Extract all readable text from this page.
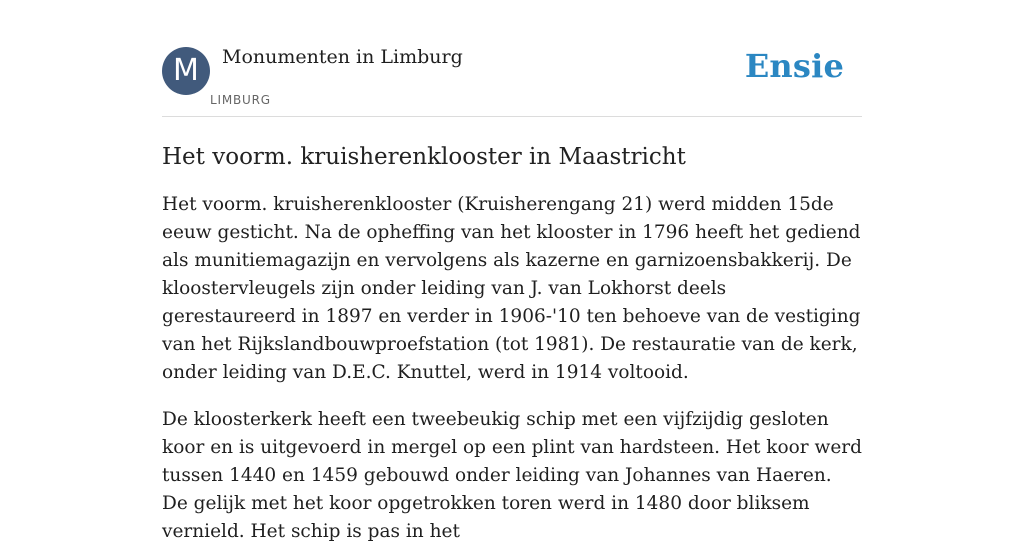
M Monumenten in Limburg
LIMBURG
Ensie
Het voorm. kruisherenklooster in Maastricht

Het voorm. kruisherenklooster (Kruisherengang 21) werd midden 15de eeuw gesticht. Na de opheffing van het klooster in 1796 heeft het gediend als munitiemagazijn en vervolgens als kazerne en garnizoensbakkerij. De kloostervleugels zijn onder leiding van J. van Lokhorst deels gerestaureerd in 1897 en verder in 1906-'10 ten behoeve van de vestiging van het Rijkslandbouwproefstation (tot 1981). De restauratie van de kerk, onder leiding van D.E.C. Knuttel, werd in 1914 voltooid.

De kloosterkerk heeft een tweebeukig schip met een vijfzijdig gesloten koor en is uitgevoerd in mergel op een plint van hardsteen. Het koor werd tussen 1440 en 1459 gebouwd onder leiding van Johannes van Haeren. De gelijk met het koor opgetrokken toren werd in 1480 door bliksem vernield. Het schip is pas in het
